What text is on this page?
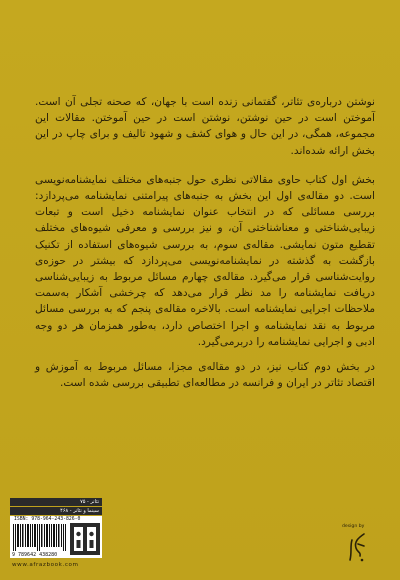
نوشتن درباره‌ی تئاتر، گفتمانی زنده است با جهان، که صحنه تجلی آن است. آموختن است در حین نوشتن، نوشتن است در حین آموختن. مقالات این مجموعه، همگی، در این حال و هوای کشف و شهود تالیف و برای چاپ در این بخش ارائه شده‌اند.

بخش اول کتاب حاوی مقالاتی نظری حول جنبه‌های مختلف نمایشنامه‌نویسی است. دو مقاله‌ی اول این بخش به جنبه‌های پیرامتنی نمایشنامه می‌پردازد: بررسی مسائلی که در انتخاب عنوان نمایشنامه دخیل است و تبعات زیبایی‌شناختی و معناشناختی آن، و نیز بررسی و معرفی شیوه‌های مختلف تقطیع متون نمایشی. مقاله‌ی سوم، به بررسی شیوه‌های استفاده از تکنیک بازگشت به گذشته در نمایشنامه‌نویسی می‌پردازد که بیشتر در حوزه‌ی روایت‌شناسی قرار می‌گیرد. مقاله‌ی چهارم مسائل مربوط به زیبایی‌شناسی دریافت نمایشنامه را مد نظر قرار می‌دهد که چرخشی آشکار به‌سمت ملاحظات اجرایی نمایشنامه است. بالاخره مقاله‌ی پنجم که به بررسی مسائل مربوط به نقد نمایشنامه و اجرا اختصاص دارد، به‌طور همزمان هر دو وجه ادبی و اجرایی نمایشنامه را دربرمی‌گیرد.

در بخش دوم کتاب نیز، در دو مقاله‌ی مجزا، مسائل مربوط به آموزش و اقتصاد تئاتر در ایران و فرانسه در مطالعه‌ای تطبیقی بررسی شده است.

تئاتر - ۷۵
سینما و تئاتر - ۴۶۸
ISBN: 978-964-243-826-0
9 789642 438280
www.afrazbook.com
design by
